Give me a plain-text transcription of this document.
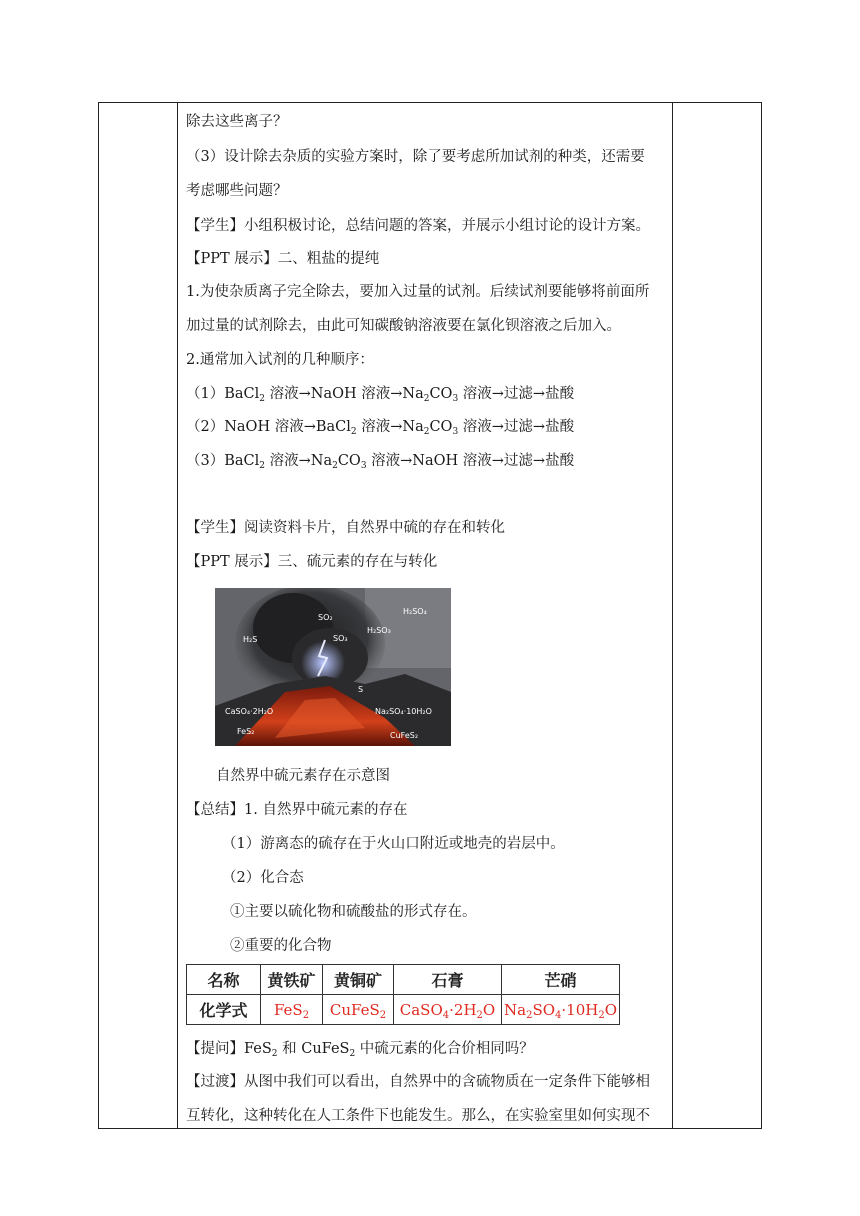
除去这些离子？
（3）设计除去杂质的实验方案时，除了要考虑所加试剂的种类，还需要
考虑哪些问题？
【学生】小组积极讨论，总结问题的答案，并展示小组讨论的设计方案。
【PPT 展示】二、粗盐的提纯
1.为使杂质离子完全除去，要加入过量的试剂。后续试剂要能够将前面所
加过量的试剂除去，由此可知碳酸钠溶液要在氯化钡溶液之后加入。
2.通常加入试剂的几种顺序：
（1）BaCl$_2$ 溶液→NaOH 溶液$\to Na_2CO_3$ 溶液→过滤→盐酸
（2）NaOH 溶液→BaCl$_2$ 溶液$\to Na_2CO_3$ 溶液→过滤→盐酸
（3）BaCl$_2$ 溶液$\to Na_2CO_3$ 溶液→NaOH 溶液→过滤→盐酸
【学生】阅读资料卡片，自然界中硫的存在和转化
【PPT 展示】三、硫元素的存在与转化
SO₂
H₂SO₄
H₂S	SO₃
H₂SO₃
S
CaSO₄·2H₂O	Na₂SO₄·10H₂O
FeS₂	CuFeS₂
自然界中硫元素存在示意图
【总结】1. 自然界中硫元素的存在
（1）游离态的硫存在于火山口附近或地壳的岩层中。
（2）化合态
①主要以硫化物和硫酸盐的形式存在。
②重要的化合物
名称	黄铁矿	黄铜矿	石膏	芒硝
化学式	FeS$_2$	CuFeS$_2$	$CaSO_4\cdot 2H_2O$	$Na_2SO_4\cdot 10H_2O$
【提问】FeS$_2$ 和 CuFeS$_2$ 中硫元素的化合价相同吗？
【过渡】从图中我们可以看出，自然界中的含硫物质在一定条件下能够相
互转化，这种转化在人工条件下也能发生。那么，在实验室里如何实现不
